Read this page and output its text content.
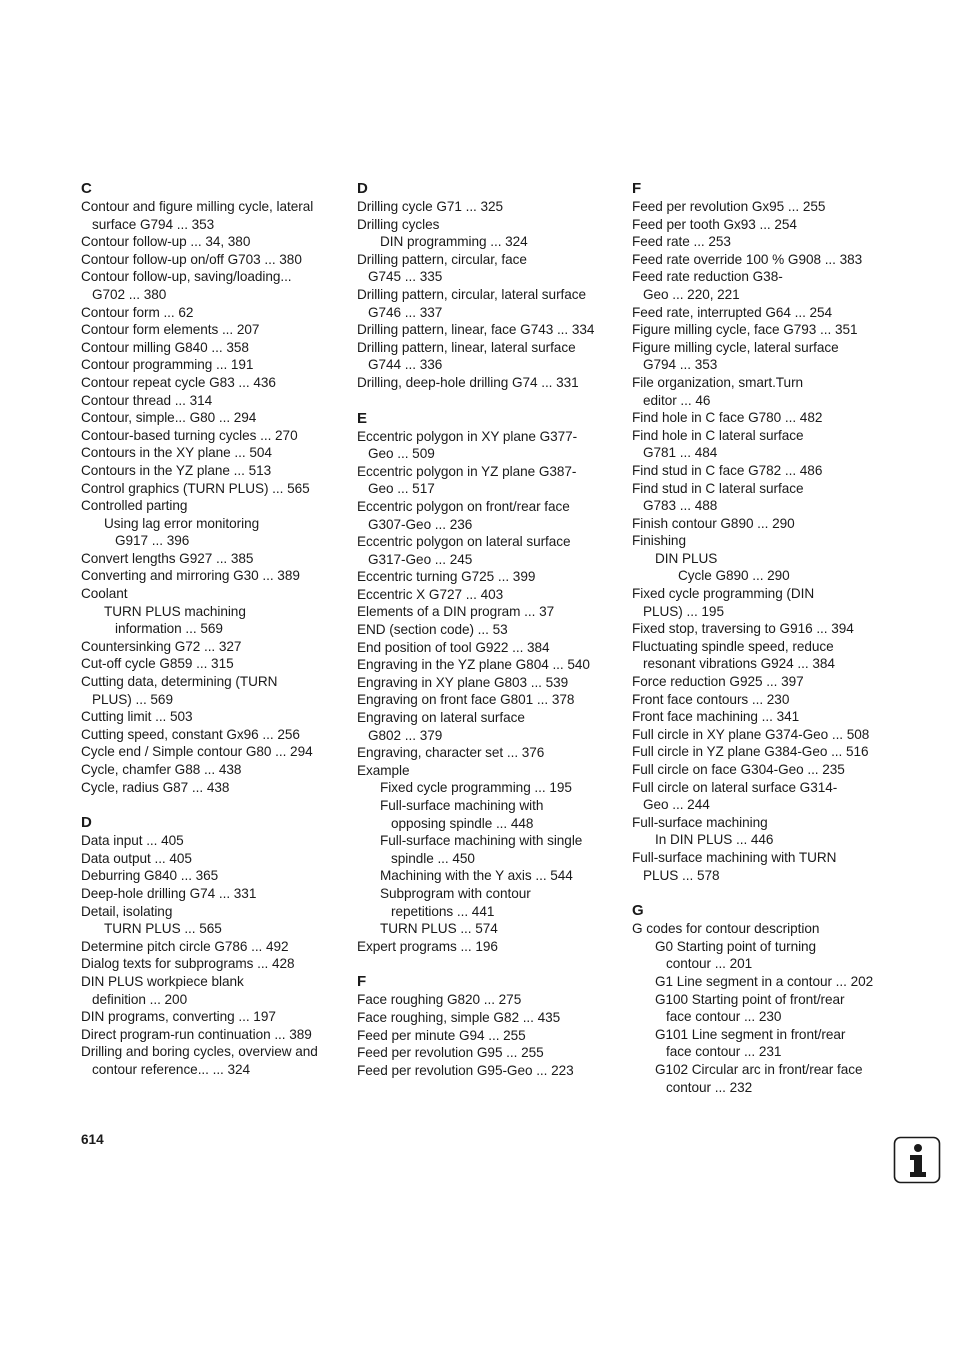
C
Contour and figure milling cycle, lateral
surface G794 ... 353
Contour follow-up ... 34, 380
Contour follow-up on/off G703 ... 380
Contour follow-up, saving/loading...
G702 ... 380
Contour form ... 62
Contour form elements ... 207
Contour milling G840 ... 358
Contour programming ... 191
Contour repeat cycle G83 ... 436
Contour thread ... 314
Contour, simple... G80 ... 294
Contour-based turning cycles ... 270
Contours in the XY plane ... 504
Contours in the YZ plane ... 513
Control graphics (TURN PLUS) ... 565
Controlled parting
Using lag error monitoring
G917 ... 396
Convert lengths G927 ... 385
Converting and mirroring G30 ... 389
Coolant
TURN PLUS machining
information ... 569
Countersinking G72 ... 327
Cut-off cycle G859 ... 315
Cutting data, determining (TURN
PLUS) ... 569
Cutting limit ... 503
Cutting speed, constant Gx96 ... 256
Cycle end / Simple contour G80 ... 294
Cycle, chamfer G88 ... 438
Cycle, radius G87 ... 438
D
Data input ... 405
Data output ... 405
Deburring G840 ... 365
Deep-hole drilling G74 ... 331
Detail, isolating
TURN PLUS ... 565
Determine pitch circle G786 ... 492
Dialog texts for subprograms ... 428
DIN PLUS workpiece blank
definition ... 200
DIN programs, converting ... 197
Direct program-run continuation ... 389
Drilling and boring cycles, overview and
contour reference... ... 324
D
Drilling cycle G71 ... 325
Drilling cycles
DIN programming ... 324
Drilling pattern, circular, face
G745 ... 335
Drilling pattern, circular, lateral surface
G746 ... 337
Drilling pattern, linear, face G743 ... 334
Drilling pattern, linear, lateral surface
G744 ... 336
Drilling, deep-hole drilling G74 ... 331
E
Eccentric polygon in XY plane G377-
Geo ... 509
Eccentric polygon in YZ plane G387-
Geo ... 517
Eccentric polygon on front/rear face
G307-Geo ... 236
Eccentric polygon on lateral surface
G317-Geo ... 245
Eccentric turning G725 ... 399
Eccentric X G727 ... 403
Elements of a DIN program ... 37
END (section code) ... 53
End position of tool G922 ... 384
Engraving in the YZ plane G804 ... 540
Engraving in XY plane G803 ... 539
Engraving on front face G801 ... 378
Engraving on lateral surface
G802 ... 379
Engraving, character set ... 376
Example
Fixed cycle programming ... 195
Full-surface machining with
opposing spindle ... 448
Full-surface machining with single
spindle ... 450
Machining with the Y axis ... 544
Subprogram with contour
repetitions ... 441
TURN PLUS ... 574
Expert programs ... 196
F
Face roughing G820 ... 275
Face roughing, simple G82 ... 435
Feed per minute G94 ... 255
Feed per revolution G95 ... 255
Feed per revolution G95-Geo ... 223
F
Feed per revolution Gx95 ... 255
Feed per tooth Gx93 ... 254
Feed rate ... 253
Feed rate override 100 % G908 ... 383
Feed rate reduction G38-
Geo ... 220, 221
Feed rate, interrupted G64 ... 254
Figure milling cycle, face G793 ... 351
Figure milling cycle, lateral surface
G794 ... 353
File organization, smart.Turn
editor ... 46
Find hole in C face G780 ... 482
Find hole in C lateral surface
G781 ... 484
Find stud in C face G782 ... 486
Find stud in C lateral surface
G783 ... 488
Finish contour G890 ... 290
Finishing
DIN PLUS
Cycle G890 ... 290
Fixed cycle programming (DIN
PLUS) ... 195
Fixed stop, traversing to G916 ... 394
Fluctuating spindle speed, reduce
resonant vibrations G924 ... 384
Force reduction G925 ... 397
Front face contours ... 230
Front face machining ... 341
Full circle in XY plane G374-Geo ... 508
Full circle in YZ plane G384-Geo ... 516
Full circle on face G304-Geo ... 235
Full circle on lateral surface G314-
Geo ... 244
Full-surface machining
In DIN PLUS ... 446
Full-surface machining with TURN
PLUS ... 578
G
G codes for contour description
G0 Starting point of turning
contour ... 201
G1 Line segment in a contour ... 202
G100 Starting point of front/rear
face contour ... 230
G101 Line segment in front/rear
face contour ... 231
G102 Circular arc in front/rear face
contour ... 232
614
